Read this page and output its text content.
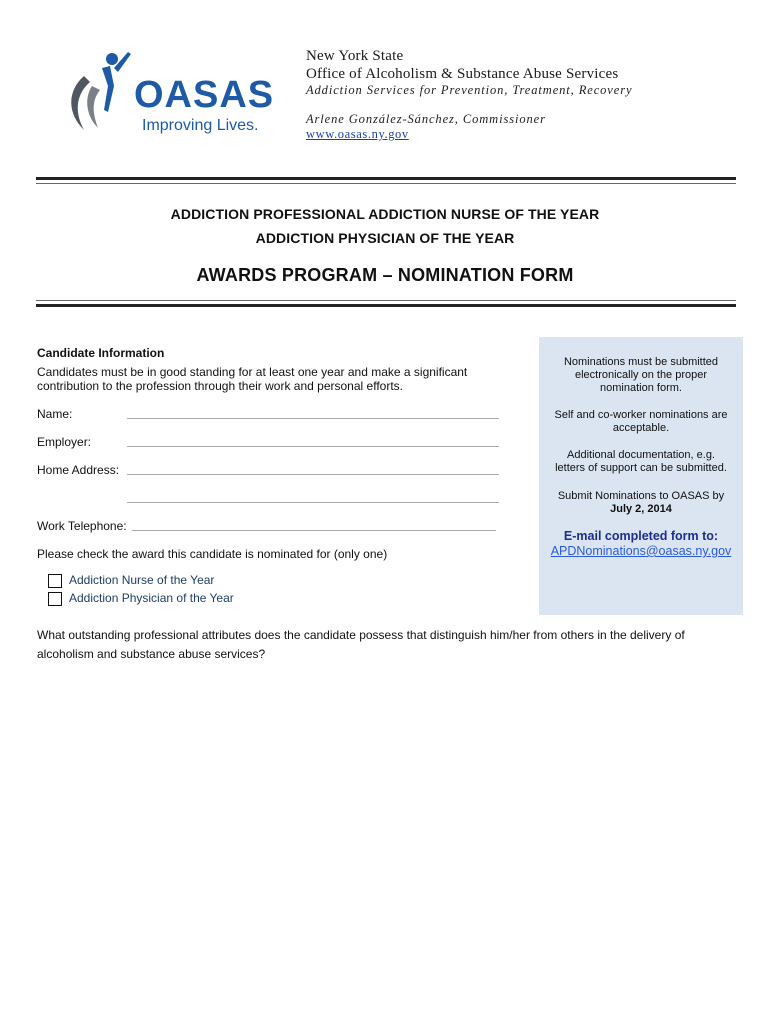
OASAS
Improving Lives.
New York State
Office of Alcoholism & Substance Abuse Services
Addiction Services for Prevention, Treatment, Recovery
Arlene González-Sánchez, Commissioner
www.oasas.ny.gov
ADDICTION PROFESSIONAL ADDICTION NURSE OF THE YEAR
ADDICTION PHYSICIAN OF THE YEAR
AWARDS PROGRAM – NOMINATION FORM
Candidate Information
Candidates must be in good standing for at least one year and make a significant
contribution to the profession through their work and personal efforts.
Name:
Employer:
Home Address:
Work Telephone:
Please check the award this candidate is nominated for (only one)
Addiction Nurse of the Year
Addiction Physician of the Year
What outstanding professional attributes does the candidate possess that distinguish him/her from others in the delivery of
alcoholism and substance abuse services?
Nominations must be submitted
electronically on the proper
nomination form.
Self and co-worker nominations are
acceptable.
Additional documentation, e.g.
letters of support can be submitted.
Submit Nominations to OASAS by
July 2, 2014
E-mail completed form to:
APDNominations@oasas.ny.gov
